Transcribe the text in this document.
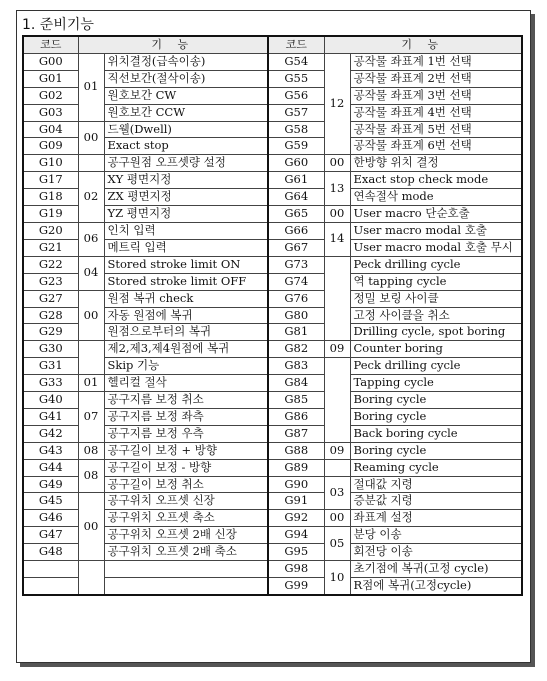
1. 준비기능
코드	기 능		코드	기 능	
G00	01	위치결정(급속이송)	G54	12	공작물 좌표계 1번 선택
G01		직선보간(절삭이송)	G55		공작물 좌표계 2번 선택
G02		원호보간 CW	G56		공작물 좌표계 3번 선택
G03		원호보간 CCW	G57		공작물 좌표계 4번 선택
G04	00	드웰(Dwell)	G58		공작물 좌표계 5번 선택
G09		Exact stop	G59		공작물 좌표계 6번 선택
G10		공구원점 오프셋량 설정	G60	00	한방향 위치 결정
G17	02	XY 평면지정	G61	13	Exact stop check mode
G18		ZX 평면지정	G64		연속절삭 mode
G19		YZ 평면지정	G65	00	User macro 단순호출
G20	06	인치 입력	G66	14	User macro modal 호출
G21		메트릭 입력	G67		User macro modal 호출 무시
G22	04	Stored stroke limit ON	G73		Peck drilling cycle
G23		Stored stroke limit OFF	G74		역 tapping cycle
G27	00	원점 복귀 check	G76		정밀 보링 사이클
G28		자동 원점에 복귀	G80		고정 사이클을 취소
G29		원점으로부터의 복귀	G81		Drilling cycle, spot boring
G30		제2,제3,제4원점에 복귀	G82	09	Counter boring
G31		Skip 기능	G83		Peck drilling cycle
G33	01	헬리컬 절삭	G84		Tapping cycle
G40	07	공구지름 보정 취소	G85		Boring cycle
G41		공구지름 보정 좌측	G86		Boring cycle
G42		공구지름 보정 우측	G87		Back boring cycle
G43	08	공구길이 보정 + 방향	G88	09	Boring cycle
G44	08	공구길이 보정 - 방향	G89		Reaming cycle
G49		공구길이 보정 취소	G90	03	절대값 지령
G45	00	공구위치 오프셋 신장	G91		증분값 지령
G46		공구위치 오프셋 축소	G92	00	좌표계 설정
G47		공구위치 오프셋 2배 신장	G94	05	분당 이송
G48		공구위치 오프셋 2배 축소	G95		회전당 이송
			G98	10	초기점에 복귀(고정 cycle)
			G99		R점에 복귀(고정cycle)
